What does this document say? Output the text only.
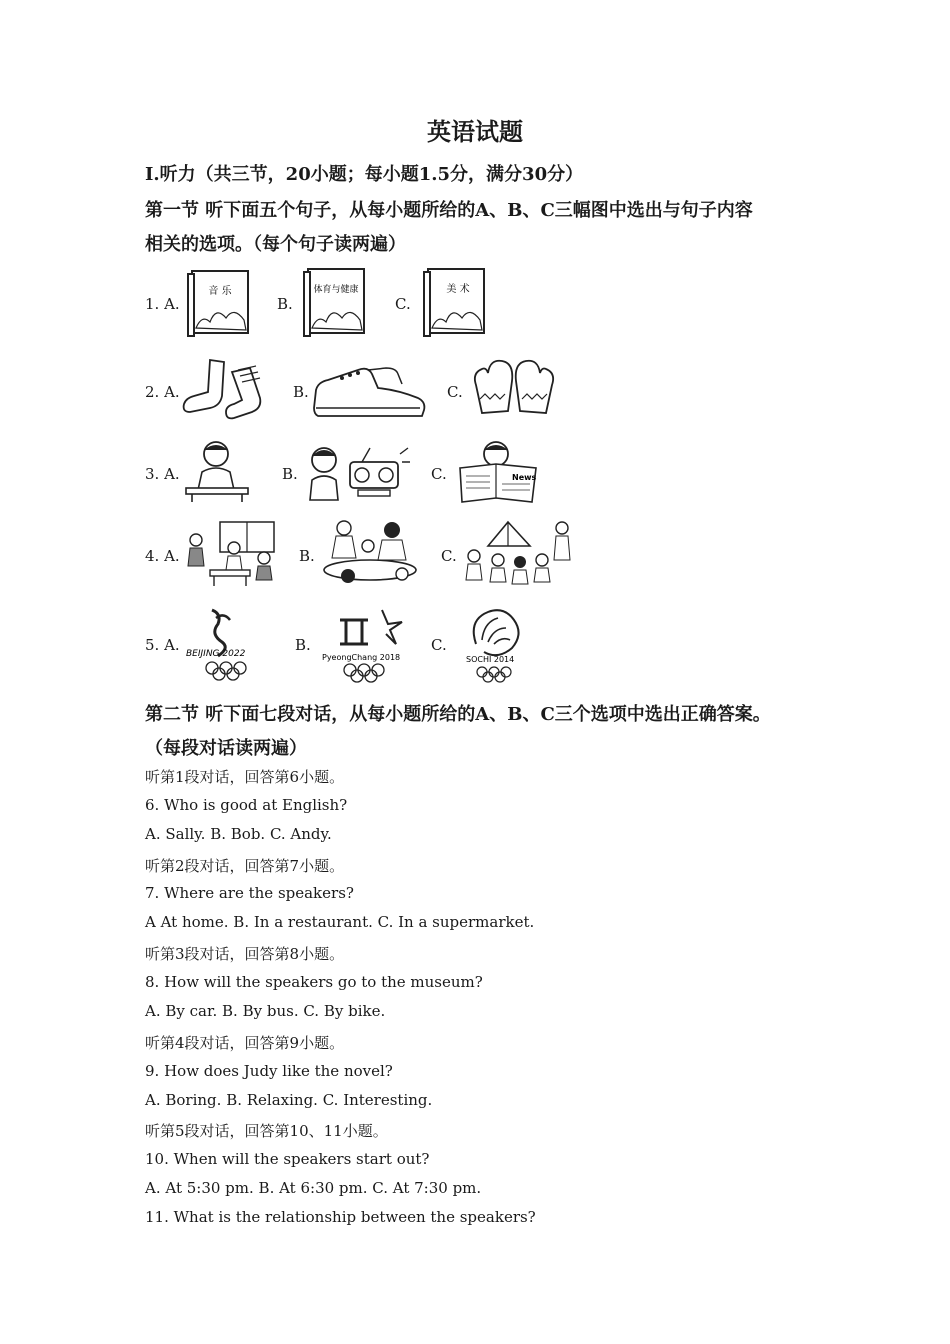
英语试题
I.听力（共三节，20小题；每小题1.5分，满分30分）
第一节 听下面五个句子，从每小题所给的A、B、C三幅图中选出与句子内容
相关的选项。（每个句子读两遍）
1. A.
音 乐
B.
体育与健康
C.
美 术
2. A.	B.	C.
3. A.	B.	C.	News
4. A.	B.	C.
5. A. BEIJING 2022	B.
PyeongChang 2018
C.
SOCHI 2014
第二节 听下面七段对话，从每小题所给的A、B、C三个选项中选出正确答案。
（每段对话读两遍）
听第1段对话，回答第6小题。
6. Who is good at English?
A. Sally. B. Bob. C. Andy.
听第2段对话，回答第7小题。
7. Where are the speakers?
A At home. B. In a restaurant. C. In a supermarket.
听第3段对话，回答第8小题。
8. How will the speakers go to the museum?
A. By car. B. By bus. C. By bike.
听第4段对话，回答第9小题。
9. How does Judy like the novel?
A. Boring. B. Relaxing. C. Interesting.
听第5段对话，回答第10、11小题。
10. When will the speakers start out?
A. At 5:30 pm. B. At 6:30 pm. C. At 7:30 pm.
11. What is the relationship between the speakers?
